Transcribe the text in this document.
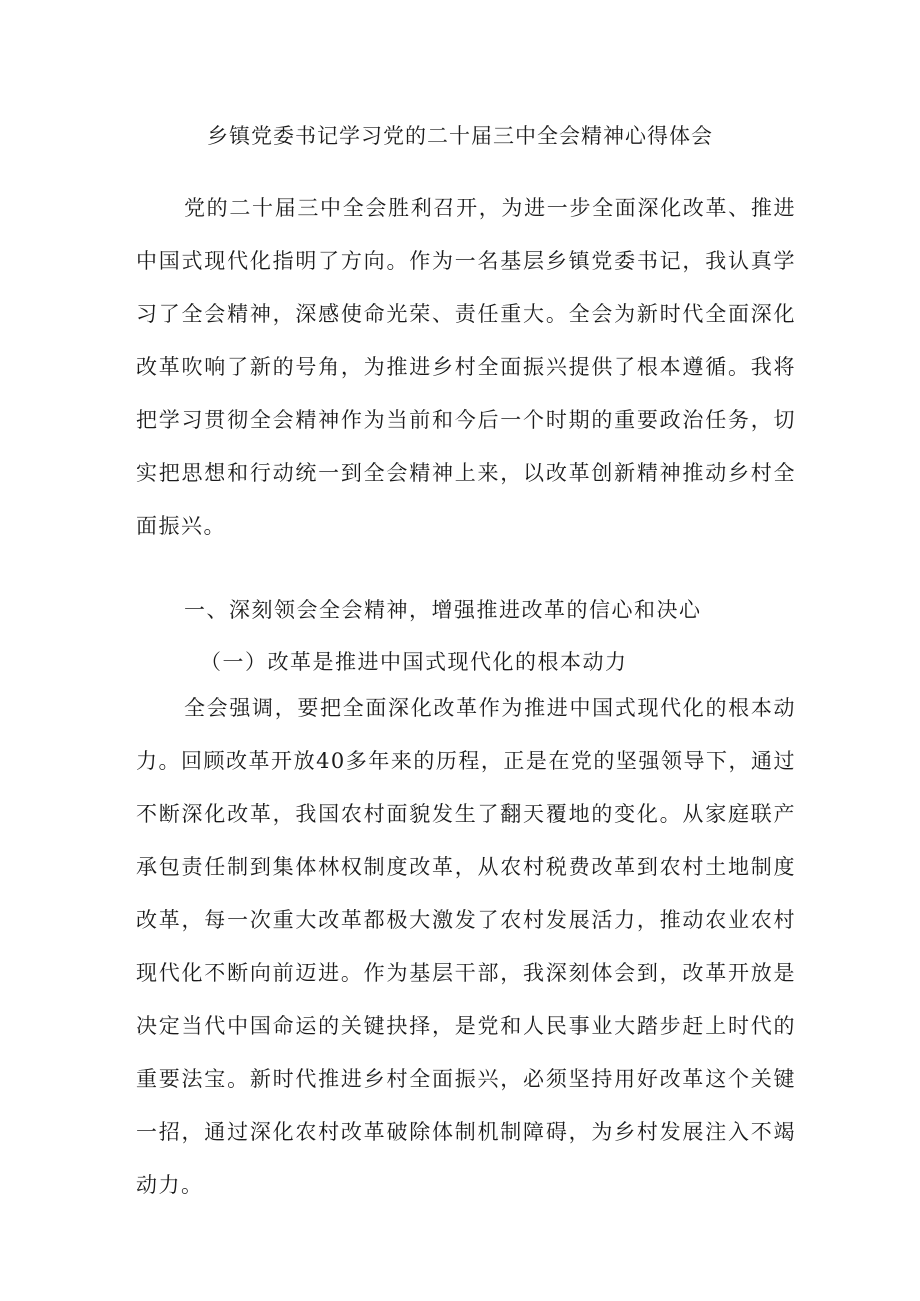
乡镇党委书记学习党的二十届三中全会精神心得体会

党的二十届三中全会胜利召开，为进一步全面深化改革、推进中国式现代化指明了方向。作为一名基层乡镇党委书记，我认真学习了全会精神，深感使命光荣、责任重大。全会为新时代全面深化改革吹响了新的号角，为推进乡村全面振兴提供了根本遵循。我将把学习贯彻全会精神作为当前和今后一个时期的重要政治任务，切实把思想和行动统一到全会精神上来，以改革创新精神推动乡村全面振兴。

一、深刻领会全会精神，增强推进改革的信心和决心
（一）改革是推进中国式现代化的根本动力

全会强调，要把全面深化改革作为推进中国式现代化的根本动力。回顾改革开放40多年来的历程，正是在党的坚强领导下，通过不断深化改革，我国农村面貌发生了翻天覆地的变化。从家庭联产承包责任制到集体林权制度改革，从农村税费改革到农村土地制度改革，每一次重大改革都极大激发了农村发展活力，推动农业农村现代化不断向前迈进。作为基层干部，我深刻体会到，改革开放是决定当代中国命运的关键抉择，是党和人民事业大踏步赶上时代的重要法宝。新时代推进乡村全面振兴，必须坚持用好改革这个关键一招，通过深化农村改革破除体制机制障碍，为乡村发展注入不竭动力。
